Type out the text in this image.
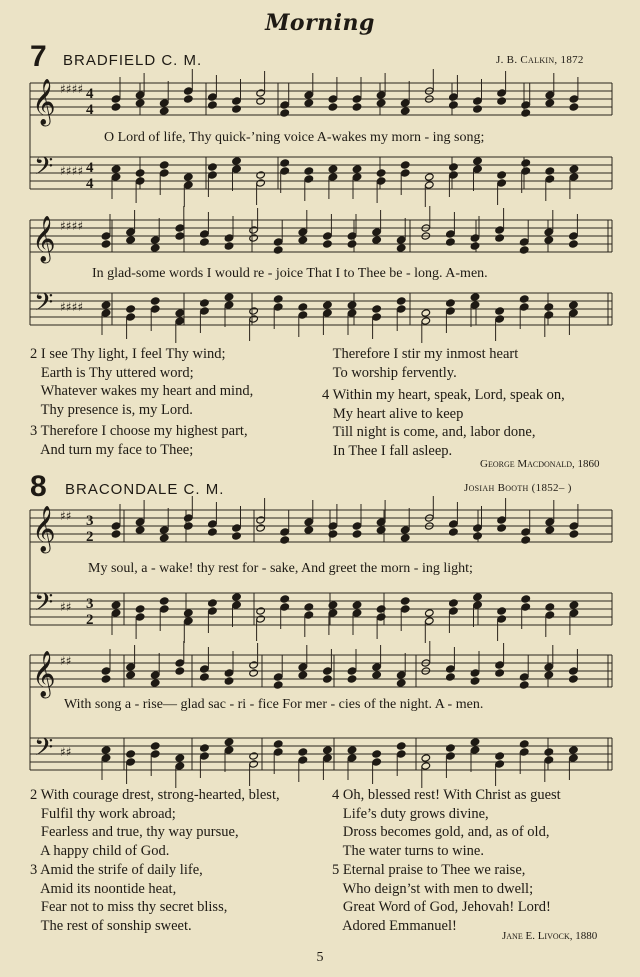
Morning
7 BRADFIELD C. M.	J. B. Calkin, 1872
𝄞
𝄢
♯♯♯♯
♯♯♯♯
4
4
4
4
𝄞
𝄢
♯♯♯♯
♯♯♯♯
𝄞
𝄢
♯♯
♯♯
3
2
3
2
𝄞
𝄢
♯♯
♯♯
O Lord of life, Thy quick-’ning voice A-wakes my morn - ing song;
In glad-some words I would re - joice That I to Thee be - long. A-men.
2 I see Thy light, I feel Thy wind;
Earth is Thy uttered word;
Whatever wakes my heart and mind,
Thy presence is, my Lord.
3 Therefore I choose my highest part,
And turn my face to Thee;
Therefore I stir my inmost heart
To worship fervently.
4 Within my heart, speak, Lord, speak on,
My heart alive to keep
Till night is come, and, labor done,
In Thee I fall asleep.
George Macdonald, 1860
8 BRACONDALE C. M.	Josiah Booth (1852– )
My soul, a - wake! thy rest for - sake, And greet the morn - ing light;
With song a - rise— glad sac - ri - fice For mer - cies of the night. A - men.
2 With courage drest, strong-hearted, blest,
Fulfil thy work abroad;
Fearless and true, thy way pursue,
A happy child of God.
3 Amid the strife of daily life,
Amid its noontide heat,
Fear not to miss thy secret bliss,
The rest of sonship sweet.
4 Oh, blessed rest! With Christ as guest
Life’s duty grows divine,
Dross becomes gold, and, as of old,
The water turns to wine.
5 Eternal praise to Thee we raise,
Who deign’st with men to dwell;
Great Word of God, Jehovah! Lord!
Adored Emmanuel!
Jane E. Livock, 1880
5
